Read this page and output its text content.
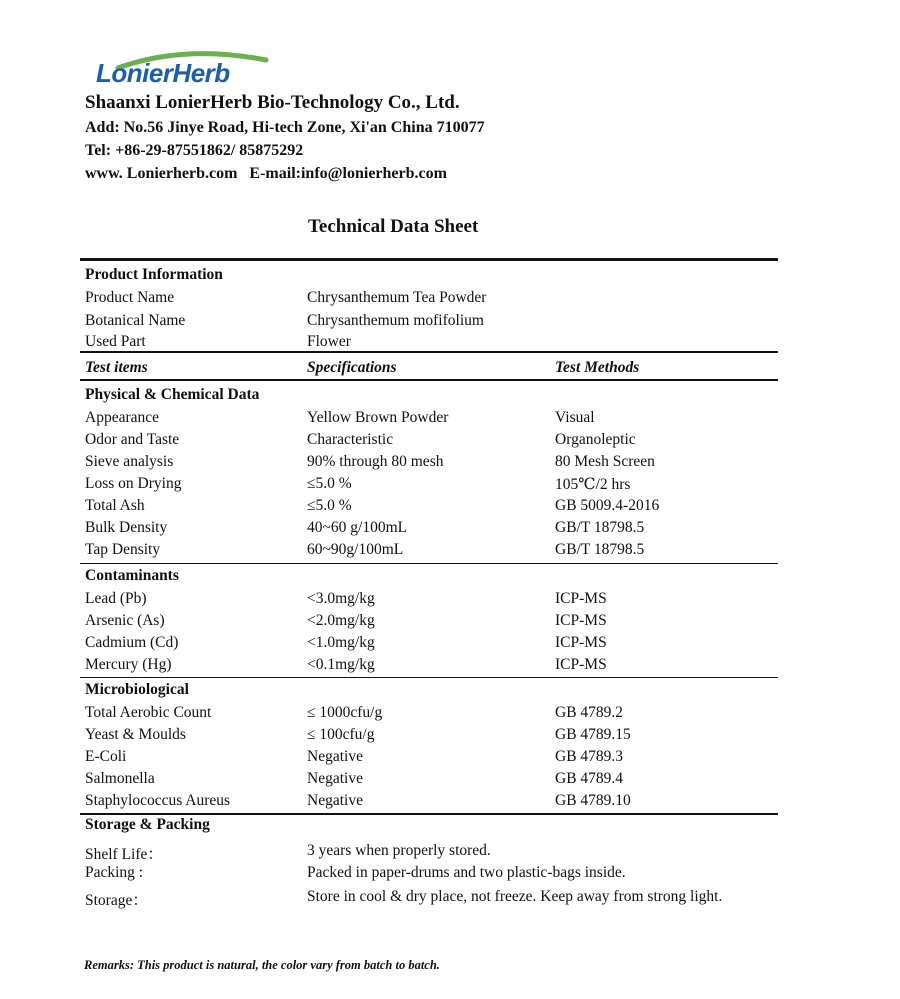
LonierHerb
Shaanxi LonierHerb Bio-Technology Co., Ltd.
Add: No.56 Jinye Road, Hi-tech Zone, Xi'an China 710077
Tel: +86-29-87551862/ 85875292
www. Lonierherb.com   E-mail:info@lonierherb.com
Technical Data Sheet
Product Information
Product Name	Chrysanthemum Tea Powder
Botanical Name	Chrysanthemum mofifolium
Used Part	Flower
Test items	Specifications	Test Methods
Physical & Chemical Data
Appearance	Yellow Brown Powder	Visual
Odor and Taste	Characteristic	Organoleptic
Sieve analysis	90% through 80 mesh	80 Mesh Screen
Loss on Drying	≤5.0 %	105℃/2 hrs
Total Ash	≤5.0 %	GB 5009.4-2016
Bulk Density	40~60 g/100mL	GB/T 18798.5
Tap Density	60~90g/100mL	GB/T 18798.5
Contaminants
Lead (Pb)	<3.0mg/kg	ICP-MS
Arsenic (As)	<2.0mg/kg	ICP-MS
Cadmium (Cd)	<1.0mg/kg	ICP-MS
Mercury (Hg)	<0.1mg/kg	ICP-MS
Microbiological
Total Aerobic Count	≤ 1000cfu/g	GB 4789.2
Yeast & Moulds	≤ 100cfu/g	GB 4789.15
E-Coli	Negative	GB 4789.3
Salmonella	Negative	GB 4789.4
Staphylococcus Aureus	Negative	GB 4789.10
Storage & Packing
Shelf Life：	3 years when properly stored.
Packing :	Packed in paper-drums and two plastic-bags inside.
Storage：	Store in cool & dry place, not freeze. Keep away from strong light.
Remarks: This product is natural, the color vary from batch to batch.
